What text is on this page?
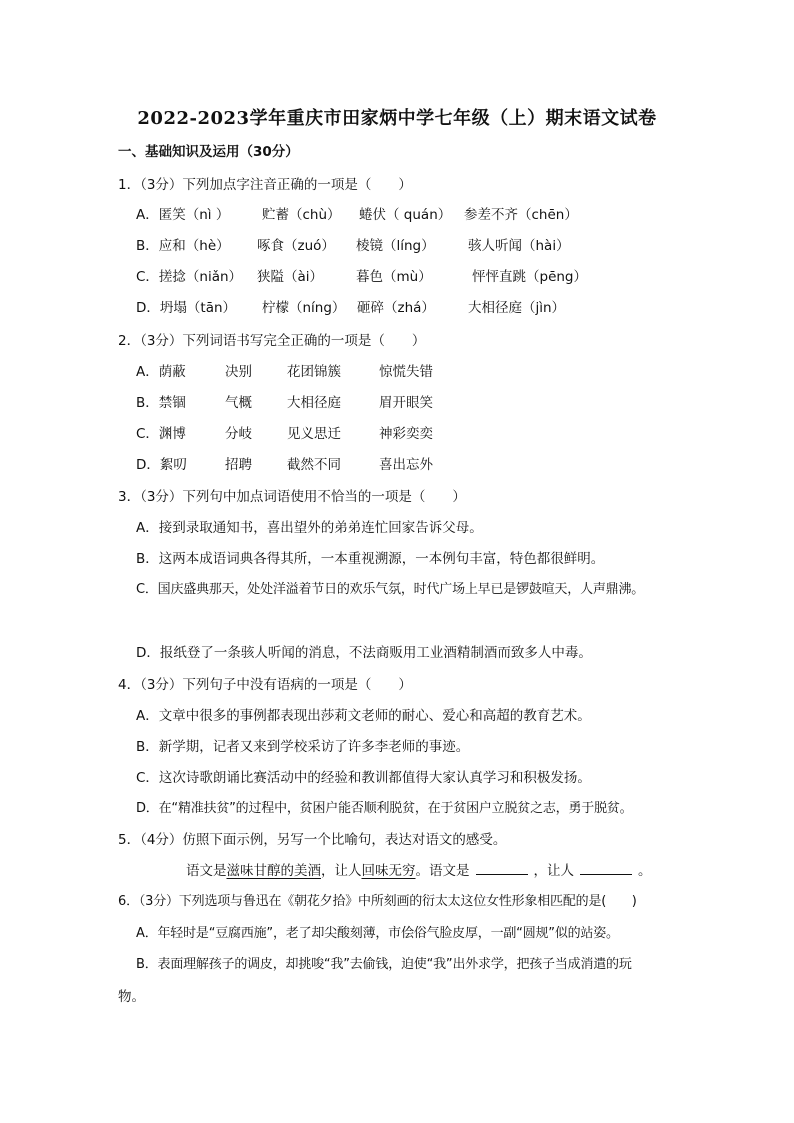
2022-2023学年重庆市田家炳中学七年级（上）期末语文试卷
一、基础知识及运用（30分）
1．（3分）下列加点字注音正确的一项是（　　）
A．匿笑（nì ） 贮蓄（chù） 蜷伏（ quán） 参差不齐（chēn）
B．应和（hè） 啄食（zuó） 棱镜（líng） 骇人听闻（hài）
C．搓捻（niǎn） 狭隘（ài） 暮色（mù）	怦怦直跳（pēng）
D．坍塌（tān） 柠檬（níng） 砸碎（zhá） 大相径庭（jìn）
2．（3分）下列词语书写完全正确的一项是（　　）
A．荫蔽	决别	花团锦簇	惊慌失错
B．禁锢	气概	大相径庭	眉开眼笑
C．渊博	分岐	见义思迁	神彩奕奕
D．絮叨	招聘	截然不同	喜出忘外
3．（3分）下列句中加点词语使用不恰当的一项是（　　）
A．接到录取通知书，喜出望外的弟弟连忙回家告诉父母。
B．这两本成语词典各得其所，一本重视溯源，一本例句丰富，特色都很鲜明。
C．国庆盛典那天，处处洋溢着节日的欢乐气氛，时代广场上早已是锣鼓喧天，人声鼎沸。
D．报纸登了一条骇人听闻的消息，不法商贩用工业酒精制酒而致多人中毒。
4．（3分）下列句子中没有语病的一项是（　　）
A．文章中很多的事例都表现出莎莉文老师的耐心、爱心和高超的教育艺术。
B．新学期，记者又来到学校采访了许多李老师的事迹。
C．这次诗歌朗诵比赛活动中的经验和教训都值得大家认真学习和积极发扬。
D．在“精准扶贫”的过程中，贫困户能否顺利脱贫，在于贫困户立脱贫之志，勇于脱贫。
5．（4分）仿照下面示例，另写一个比喻句，表达对语文的感受。
语文是滋味甘醇的美酒，让人回味无穷。语文是	，让人	。
6．（3分）下列选项与鲁迅在《朝花夕拾》中所刻画的衍太太这位女性形象相匹配的是(　　)
A．年轻时是“豆腐西施”，老了却尖酸刻薄，市侩俗气脸皮厚，一副“圆规”似的站姿。
B．表面理解孩子的调皮，却挑唆“我”去偷钱，迫使“我”出外求学，把孩子当成消遣的玩
物。
